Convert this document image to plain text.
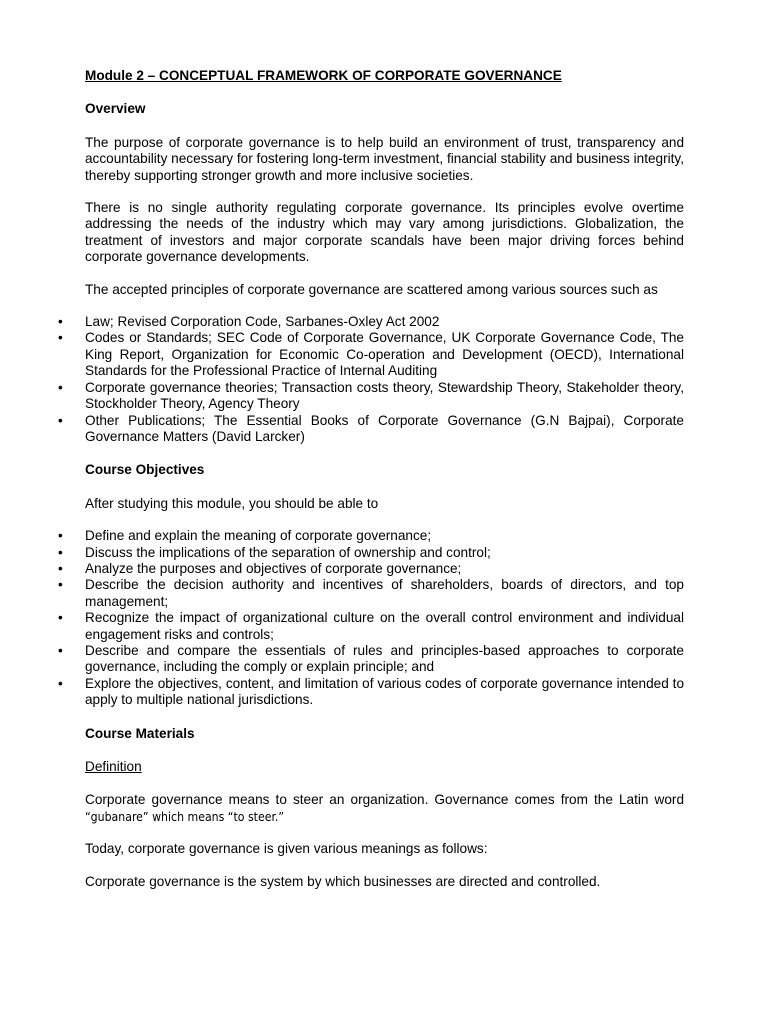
Module 2 – CONCEPTUAL FRAMEWORK OF CORPORATE GOVERNANCE
Overview
The purpose of corporate governance is to help build an environment of trust, transparency and accountability necessary for fostering long-term investment, financial stability and business integrity, thereby supporting stronger growth and more inclusive societies.
There is no single authority regulating corporate governance. Its principles evolve overtime addressing the needs of the industry which may vary among jurisdictions. Globalization, the treatment of investors and major corporate scandals have been major driving forces behind corporate governance developments.
The accepted principles of corporate governance are scattered among various sources such as
•	Law; Revised Corporation Code, Sarbanes-Oxley Act 2002
•	Codes or Standards; SEC Code of Corporate Governance, UK Corporate Governance Code, The King Report, Organization for Economic Co-operation and Development (OECD), International Standards for the Professional Practice of Internal Auditing
•	Corporate governance theories; Transaction costs theory, Stewardship Theory, Stakeholder theory, Stockholder Theory, Agency Theory
•	Other Publications; The Essential Books of Corporate Governance (G.N Bajpai), Corporate Governance Matters (David Larcker)
Course Objectives
After studying this module, you should be able to
•	Define and explain the meaning of corporate governance;
•	Discuss the implications of the separation of ownership and control;
•	Analyze the purposes and objectives of corporate governance;
•	Describe the decision authority and incentives of shareholders, boards of directors, and top management;
•	Recognize the impact of organizational culture on the overall control environment and individual engagement risks and controls;
•	Describe and compare the essentials of rules and principles-based approaches to corporate governance, including the comply or explain principle; and
•	Explore the objectives, content, and limitation of various codes of corporate governance intended to apply to multiple national jurisdictions.
Course Materials
Definition
Corporate governance means to steer an organization. Governance comes from the Latin word “gubanare” which means “to steer.”
Today, corporate governance is given various meanings as follows:
Corporate governance is the system by which businesses are directed and controlled.
